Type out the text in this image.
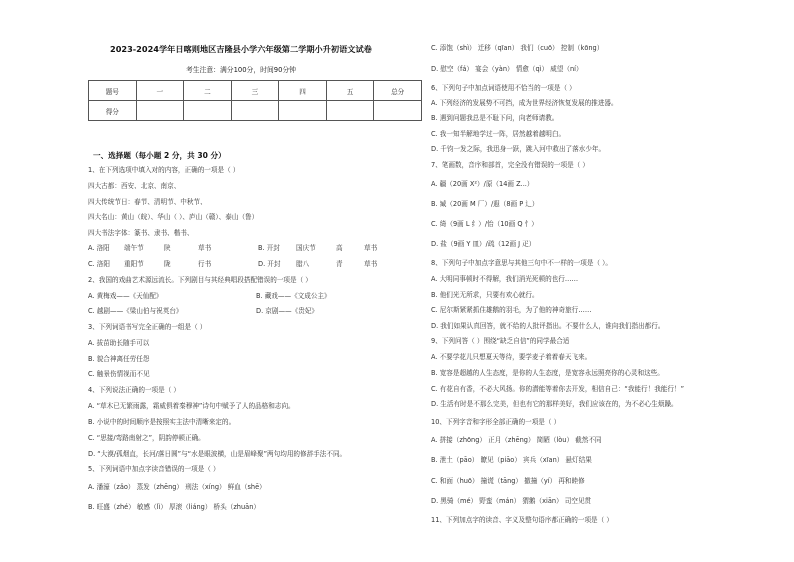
2023-2024学年日喀则地区吉隆县小学六年级第二学期小升初语文试卷
考生注意：满分100分，时间90分钟
题号	一	二	三	四	五	总分
得分						
一、选择题（每小题 2 分，共 30 分）
1、在下列选项中填入对的内容，正确的一项是（ ）
四大古都：西安、北京、南京、
四大传统节日：春节、清明节、中秋节、
四大名山：黄山（皖）、华山（ ）、庐山（赣）、泰山（鲁）
四大书法字体：篆书、隶书、楷书、
A. 洛阳 端午节	陕	草书	B. 开封 国庆节	高	草书
C. 洛阳 重阳节	陇	行书	D. 开封 腊八	青	草书
2、我国的戏曲艺术源远流长。下列剧目与其经典唱段搭配错误的一项是（ ）
A. 黄梅戏——《天仙配》	B. 藏戏——《文成公主》
C. 越剧——《梁山伯与祝英台》	D. 京剧——《贵妃》
3、下列词语书写完全正确的一组是（ ）
A. 拔苗助长随手可以
B. 貌合神离任劳任怨
C. 触景伤情视而不见
4、下列说法正确的一项是（ ）
A. “草木已无繁雨露，霜威俱着秦穆神”诗句中赋予了人的品格和志向。
B. 小说中的时间顺序是按照实主法中清晰来定的。
C. “思接/弯路南射之”，阴韵停顿正确。
D. “大漠/孤烟直，长河/落日圆”与“水是眼波横，山是眉峰聚”两句均用的修辞手法不同。
5、下列词语中加点字读音错误的一项是（ ）
A. 潘濠（zǎo） 蒸发（zhēng） 刑法（xíng） 鲜血（shē）
B. 旺盛（zhé） 敏感（lì） 厚滚（liáng） 桥头（zhuān）
C. 添饱（shì） 迁移（qīan） 我们（cuō） 控制（kōng）
D. 慰空（fá） 宴会（yàn） 情愈（qì） 威望（ní）
6、下列句子中加点词语使用不恰当的一项是（ ）
A. 下列经济的发展势不可挡，成为世界经济恢复发展的推进器。
B. 遇到问题我总是不耻下问，向老师请教。
C. 我一知半解地学过一阵，居然越着越明白。
D. 千钧一发之际，我迅身一跃，跳入河中救出了落水少年。
7、笔画数，音序和部首，完全没有错误的一项是（ ）
A. 疆（20画 X²）/原（14画 Z...）
B. 臧（20画 M 厂）/遐（8画 P 辶）
C. 绮（9画 L 纟）/怡（10画 Q 忄）
D. 盐（9画 Y 皿）/疏（12画 J 疋）
8、下列句子中加点字意思与其他三句中不一样的一项是（ ）。
A. 大明同事顿时不得解，我们消光死顿的也行……
B. 他们光无所求，只要有欢心就行。
C. 尼尔斯紧紧抓住雄鹅的羽毛，为了他的神奇旅行……
D. 我们如果认真回答，就不给的人批评指出。不要什么人，谁向我们指出都行。
9、下列问答（ ）围绕“缺乏自信”的同学最合适
A. 不要学花儿只想夏天等待，要学麦子着着春天飞来。
B. 宽容是超越的人生态度，是你的人生态度，是宽容永远照亮你的心灵和这些。
C. 有花自有香，不必大风扬。你的潜能等着你去开发，相信自己：“我能行！我能行！”
D. 生活有时是不那么完美，但也有它的那样美好，我们应该在的，为不必心生烦躁。
10、下列字音和字形全部正确的一项是（ ）
A. 拼接（zhōng） 正月（zhēng） 简陋（lòu） 截然不同
B. 泄土（pāo） 瞭见（piāo） 宾兵（xīan） 悬灯结果
C. 和面（huō） 撞谎（tāng） 撤撞（yí） 再和睦修
D. 黑骑（mé） 野蛮（mán） 猬鹅（xiān） 司空见贯
11、下列加点字的读音、字义及整句语序都正确的一项是（ ）
